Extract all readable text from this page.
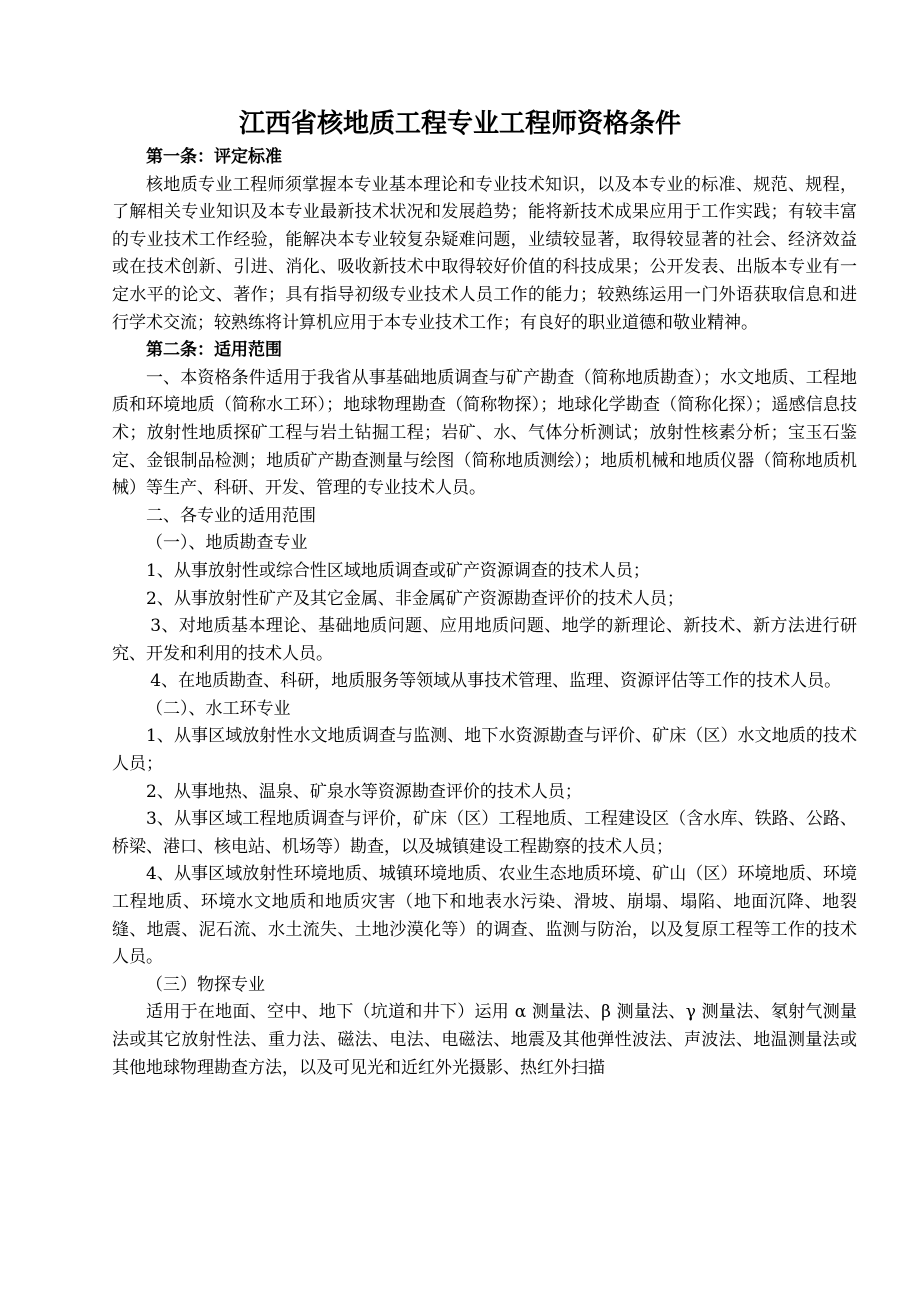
江西省核地质工程专业工程师资格条件

第一条：评定标准

核地质专业工程师须掌握本专业基本理论和专业技术知识，以及本专业的标准、规范、规程，了解相关专业知识及本专业最新技术状况和发展趋势；能将新技术成果应用于工作实践；有较丰富的专业技术工作经验，能解决本专业较复杂疑难问题，业绩较显著，取得较显著的社会、经济效益或在技术创新、引进、消化、吸收新技术中取得较好价值的科技成果；公开发表、出版本专业有一定水平的论文、著作；具有指导初级专业技术人员工作的能力；较熟练运用一门外语获取信息和进行学术交流；较熟练将计算机应用于本专业技术工作；有良好的职业道德和敬业精神。

第二条：适用范围

一、本资格条件适用于我省从事基础地质调查与矿产勘查（简称地质勘查）；水文地质、工程地质和环境地质（简称水工环）；地球物理勘查（简称物探）；地球化学勘查（简称化探）；遥感信息技术；放射性地质探矿工程与岩土钻掘工程；岩矿、水、气体分析测试；放射性核素分析；宝玉石鉴定、金银制品检测；地质矿产勘查测量与绘图（简称地质测绘）；地质机械和地质仪器（简称地质机械）等生产、科研、开发、管理的专业技术人员。

二、各专业的适用范围

（一）、地质勘查专业

1、从事放射性或综合性区域地质调查或矿产资源调查的技术人员；

2、从事放射性矿产及其它金属、非金属矿产资源勘查评价的技术人员；

3、对地质基本理论、基础地质问题、应用地质问题、地学的新理论、新技术、新方法进行研究、开发和利用的技术人员。

4、在地质勘查、科研，地质服务等领域从事技术管理、监理、资源评估等工作的技术人员。

（二）、水工环专业

1、从事区域放射性水文地质调查与监测、地下水资源勘查与评价、矿床（区）水文地质的技术人员；

2、从事地热、温泉、矿泉水等资源勘查评价的技术人员；

3、从事区域工程地质调查与评价，矿床（区）工程地质、工程建设区（含水库、铁路、公路、桥梁、港口、核电站、机场等）勘查，以及城镇建设工程勘察的技术人员；

4、从事区域放射性环境地质、城镇环境地质、农业生态地质环境、矿山（区）环境地质、环境工程地质、环境水文地质和地质灾害（地下和地表水污染、滑坡、崩塌、塌陷、地面沉降、地裂缝、地震、泥石流、水土流失、土地沙漠化等）的调查、监测与防治，以及复原工程等工作的技术人员。

（三）物探专业

适用于在地面、空中、地下（坑道和井下）运用 α 测量法、β 测量法、γ 测量法、氡射气测量法或其它放射性法、重力法、磁法、电法、电磁法、地震及其他弹性波法、声波法、地温测量法或其他地球物理勘查方法，以及可见光和近红外光摄影、热红外扫描
